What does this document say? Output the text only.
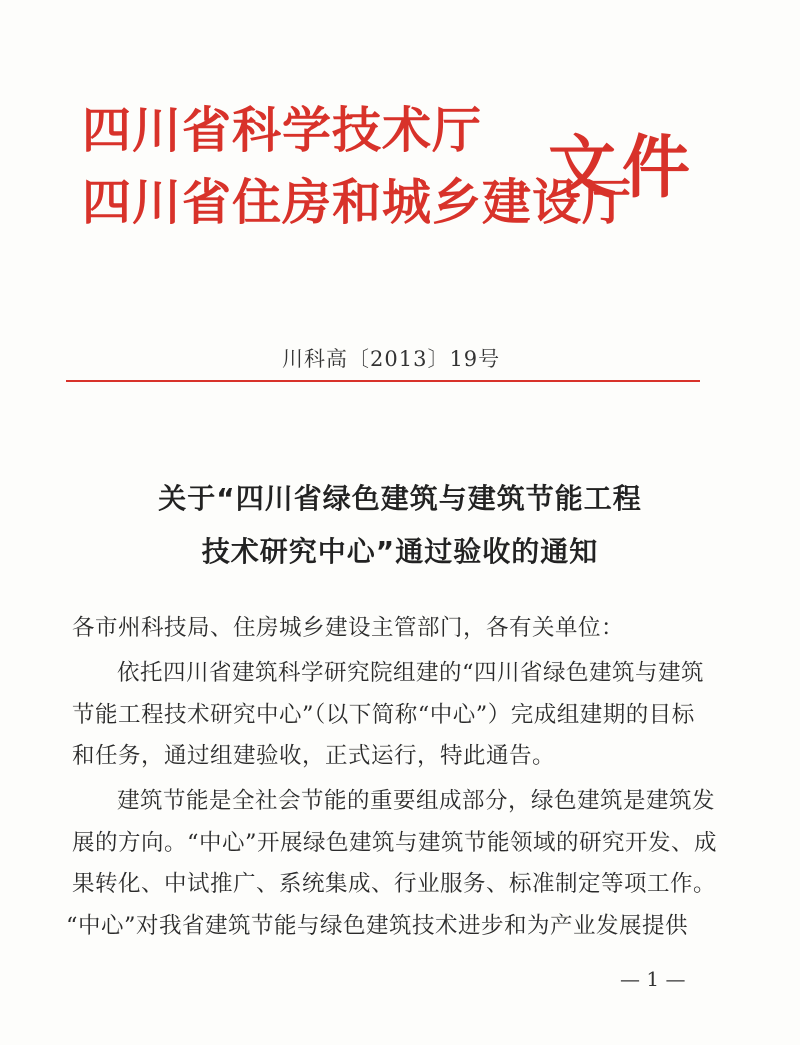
四川省科学技术厅
四川省住房和城乡建设厅
文件
川科高〔2013〕19号
关于“四川省绿色建筑与建筑节能工程
技术研究中心”通过验收的通知
各市州科技局、住房城乡建设主管部门，各有关单位：
依托四川省建筑科学研究院组建的“四川省绿色建筑与建筑
节能工程技术研究中心”（以下简称“中心”）完成组建期的目标
和任务，通过组建验收，正式运行，特此通告。
建筑节能是全社会节能的重要组成部分，绿色建筑是建筑发
展的方向。“中心”开展绿色建筑与建筑节能领域的研究开发、成
果转化、中试推广、系统集成、行业服务、标准制定等项工作。
“中心”对我省建筑节能与绿色建筑技术进步和为产业发展提供
— 1 —
